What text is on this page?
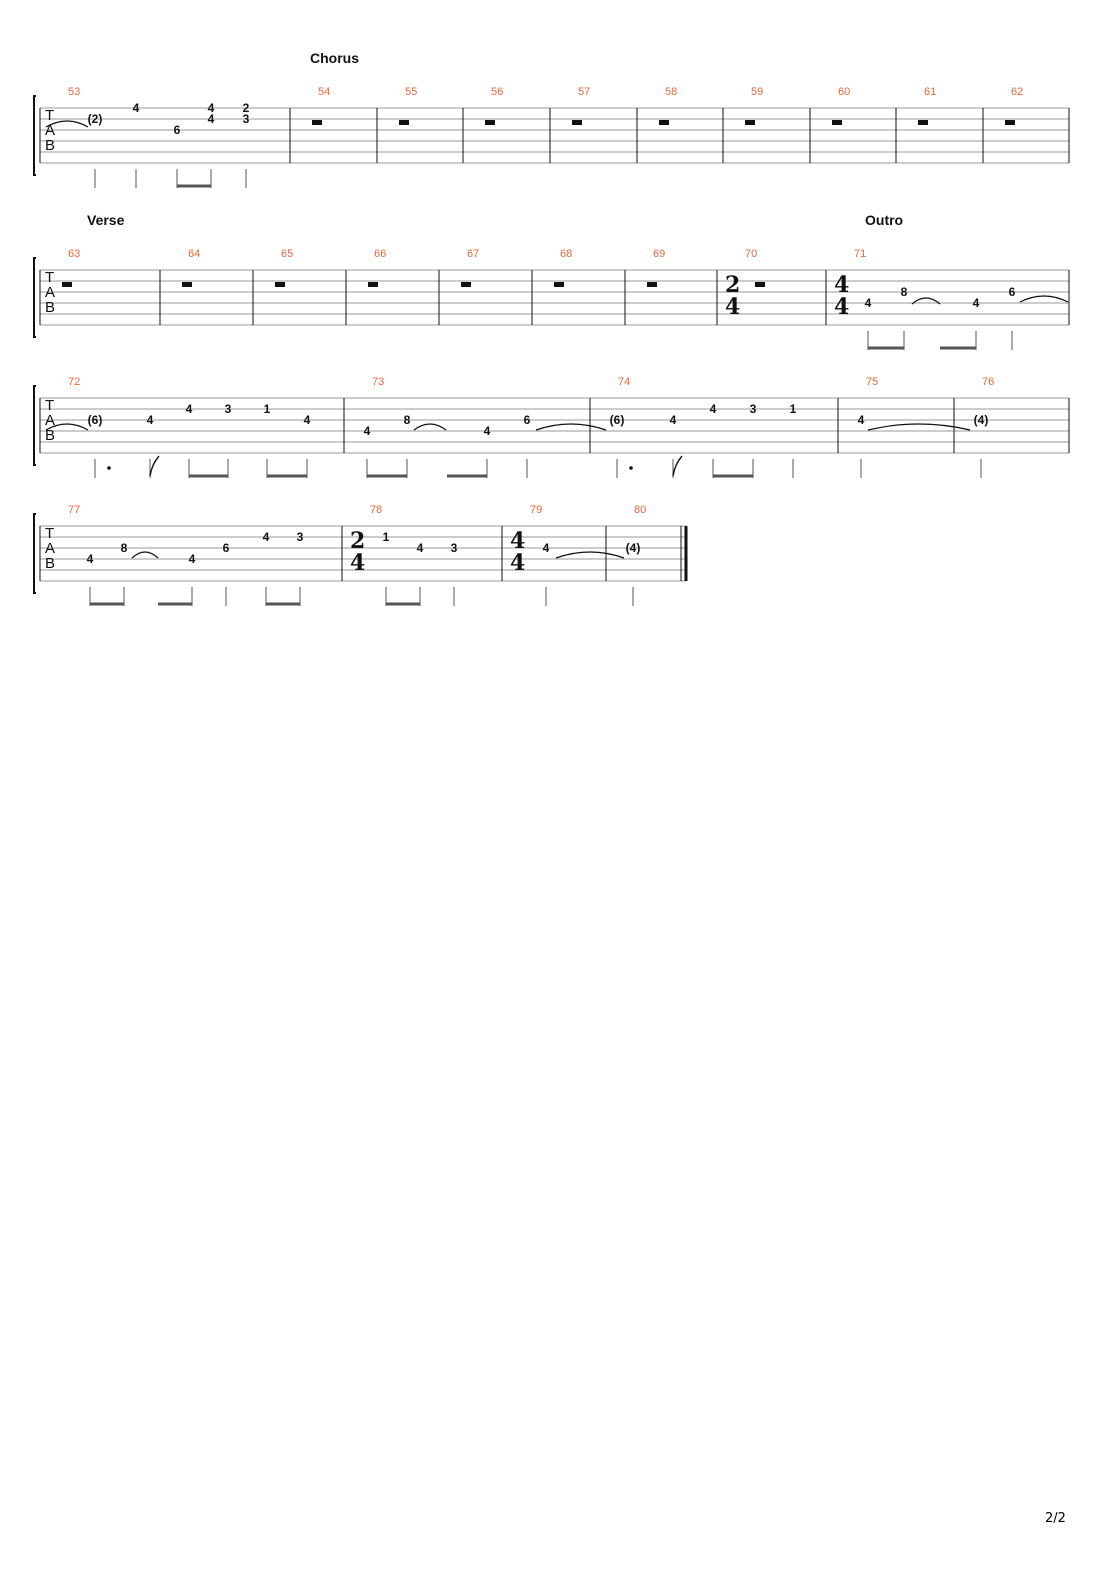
T
A
B
Chorus
53
(2)
4
6
4
4
2
3
54	55	56	57	58	59	60	61	62
T
A
B
Verse	Outro
63	64	65	66	67	68	69	70
2
4
71
4
4 4
8
4
6
T
A
B
72
(6)	4
4	3	1
4
73
4
8
4
6
74
(6)	4
4	3	1
75
4
76
(4)
T
A
B
77
4
8
4
6
4 3
78
2
4
1
4 3
79
4
4
4
80
(4)
2/2
